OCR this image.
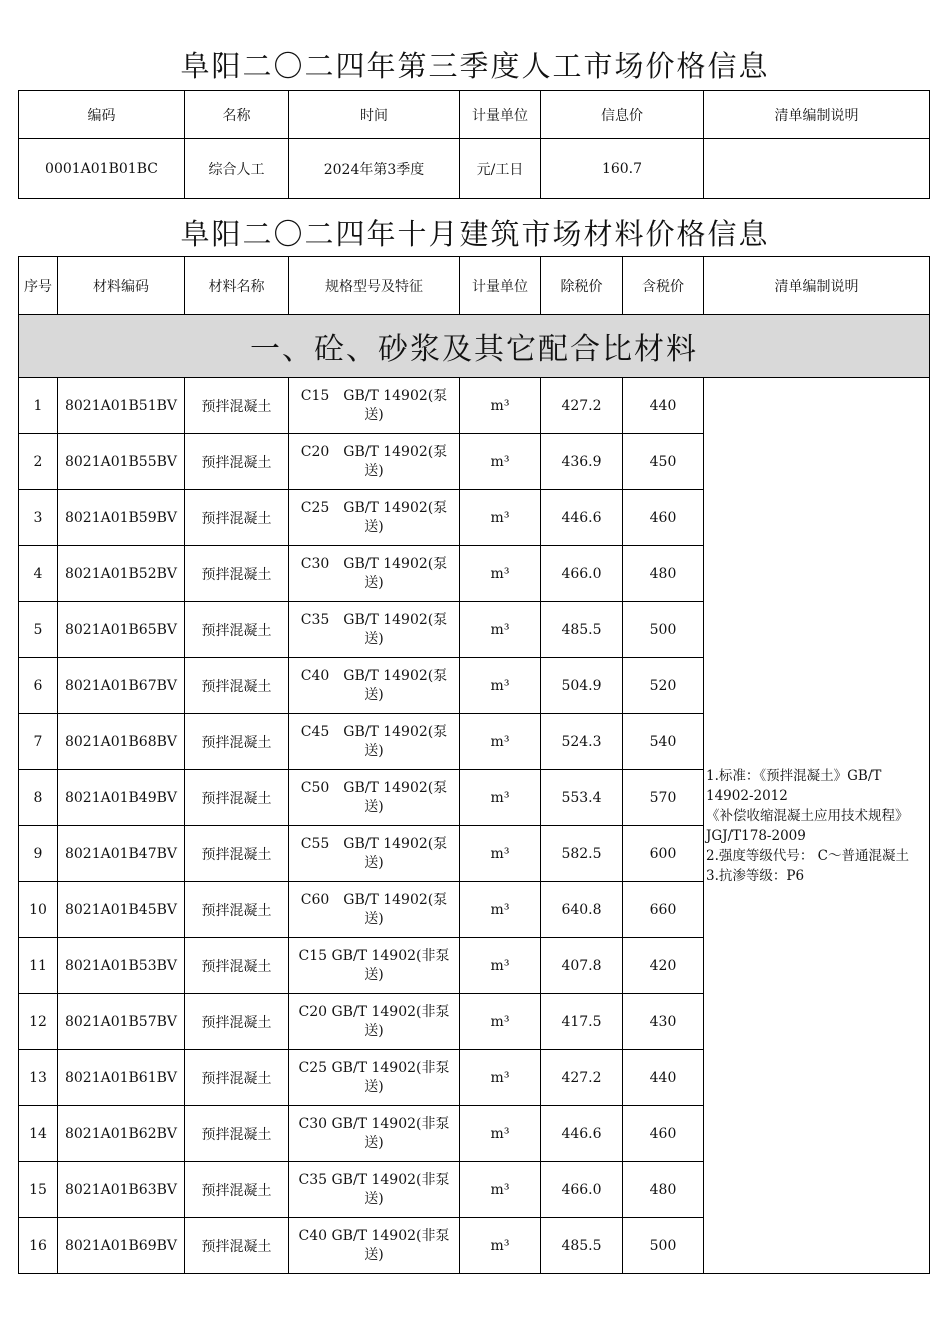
阜阳二〇二四年第三季度人工市场价格信息
编码	名称	时间	计量单位	信息价	清单编制说明
0001A01B01BC	综合人工	2024年第3季度	元/工日	160.7	
阜阳二〇二四年十月建筑市场材料价格信息
序号	材料编码	材料名称	规格型号及特征	计量单位	除税价	含税价	清单编制说明
一、砼、砂浆及其它配合比材料							
1	8021A01B51BV	预拌混凝土	C15　GB/T 14902(泵送)	m³	427.2	440	1.标准：《预拌混凝土》GB/T 14902-2012
《补偿收缩混凝土应用技术规程》JGJ/T178-2009
2.强度等级代号： C～普通混凝土
3.抗渗等级：P6

2	8021A01B55BV	预拌混凝土	C20　GB/T 14902(泵送)	m³	436.9	450	
3	8021A01B59BV	预拌混凝土	C25　GB/T 14902(泵送)	m³	446.6	460	
4	8021A01B52BV	预拌混凝土	C30　GB/T 14902(泵送)	m³	466.0	480	
5	8021A01B65BV	预拌混凝土	C35　GB/T 14902(泵送)	m³	485.5	500	
6	8021A01B67BV	预拌混凝土	C40　GB/T 14902(泵送)	m³	504.9	520	
7	8021A01B68BV	预拌混凝土	C45　GB/T 14902(泵送)	m³	524.3	540	
8	8021A01B49BV	预拌混凝土	C50　GB/T 14902(泵送)	m³	553.4	570	
9	8021A01B47BV	预拌混凝土	C55　GB/T 14902(泵送)	m³	582.5	600	
10	8021A01B45BV	预拌混凝土	C60　GB/T 14902(泵送)	m³	640.8	660	
11	8021A01B53BV	预拌混凝土	C15 GB/T 14902(非泵送)	m³	407.8	420	
12	8021A01B57BV	预拌混凝土	C20 GB/T 14902(非泵送)	m³	417.5	430	
13	8021A01B61BV	预拌混凝土	C25 GB/T 14902(非泵送)	m³	427.2	440	
14	8021A01B62BV	预拌混凝土	C30 GB/T 14902(非泵送)	m³	446.6	460	
15	8021A01B63BV	预拌混凝土	C35 GB/T 14902(非泵送)	m³	466.0	480	
16	8021A01B69BV	预拌混凝土	C40 GB/T 14902(非泵送)	m³	485.5	500	
